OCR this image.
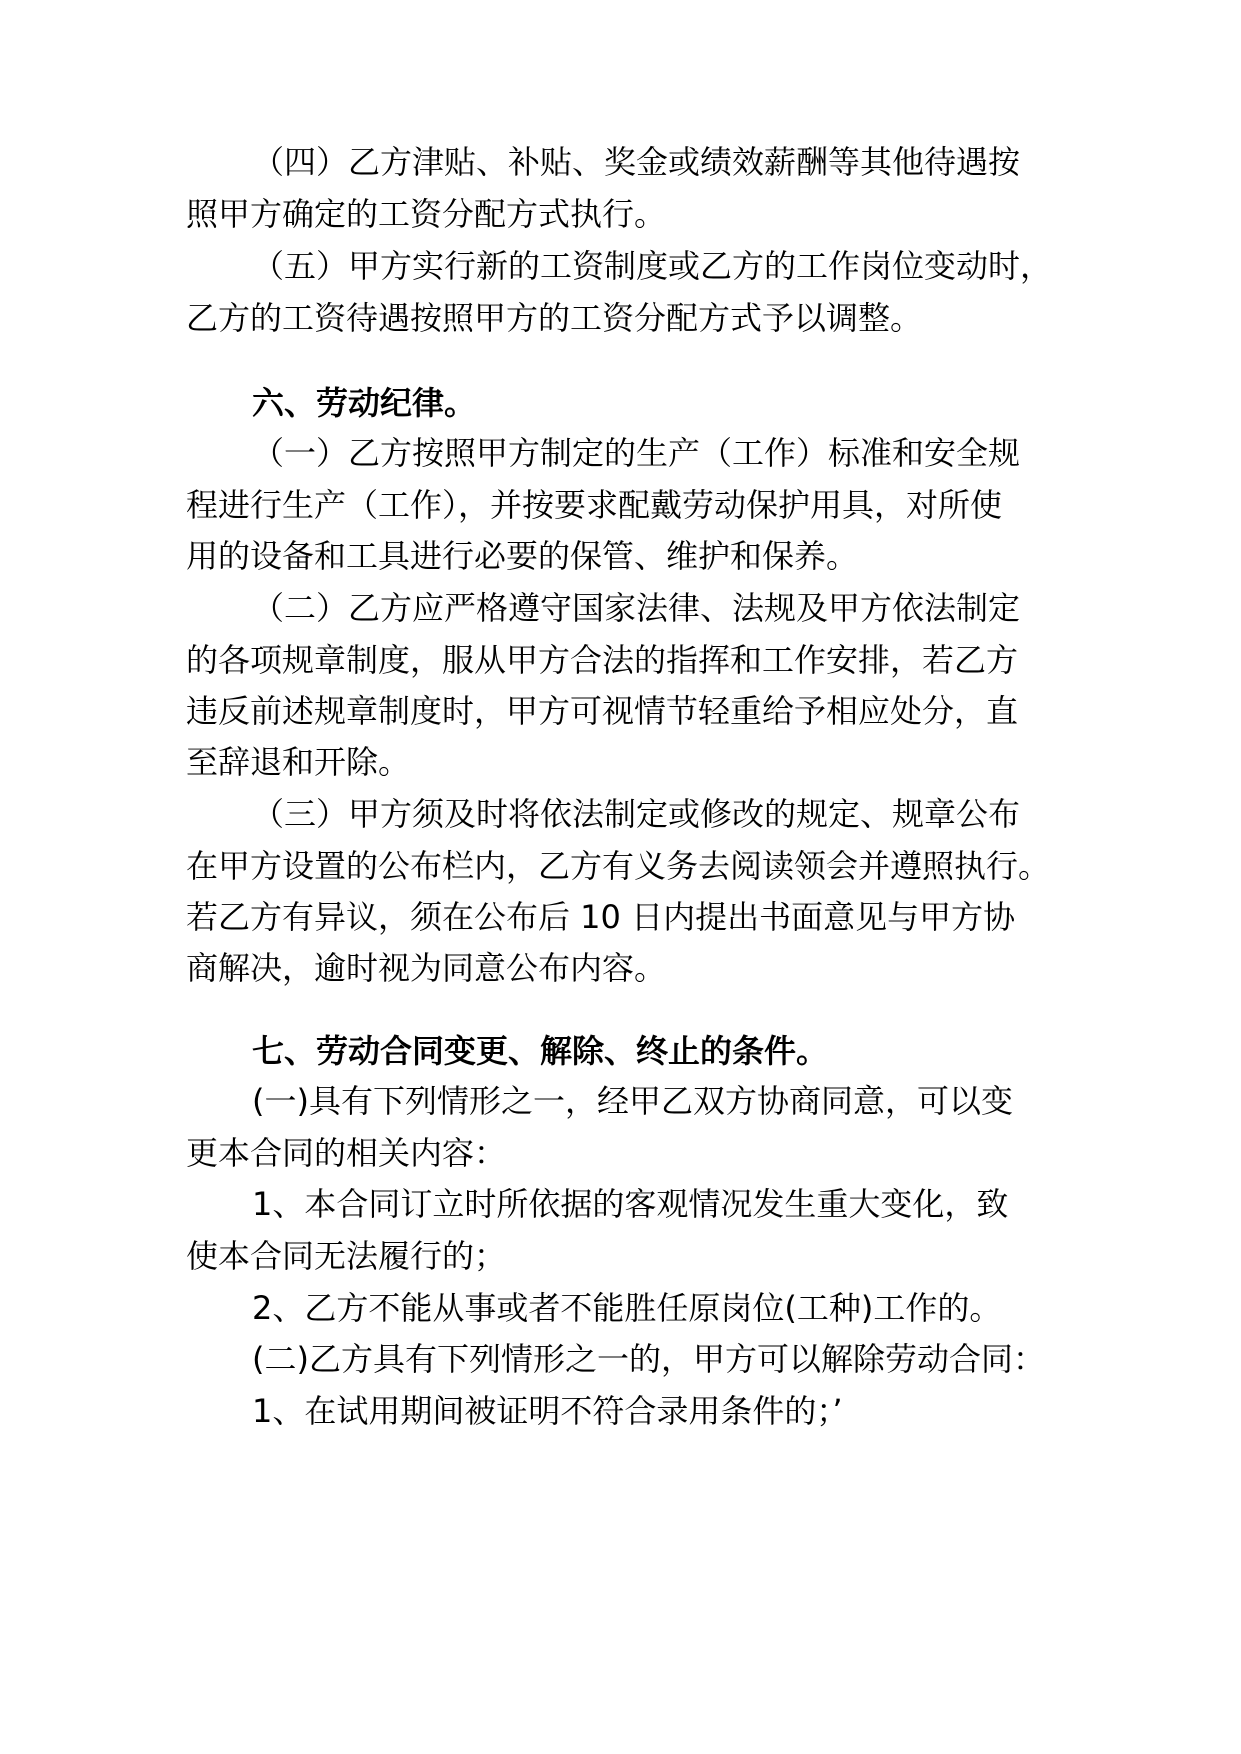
（四）乙方津贴、补贴、奖金或绩效薪酬等其他待遇按

照甲方确定的工资分配方式执行。

（五）甲方实行新的工资制度或乙方的工作岗位变动时，

乙方的工资待遇按照甲方的工资分配方式予以调整。

六、劳动纪律。

（一）乙方按照甲方制定的生产（工作）标准和安全规

程进行生产（工作），并按要求配戴劳动保护用具，对所使

用的设备和工具进行必要的保管、维护和保养。

（二）乙方应严格遵守国家法律、法规及甲方依法制定

的各项规章制度，服从甲方合法的指挥和工作安排，若乙方

违反前述规章制度时，甲方可视情节轻重给予相应处分，直

至辞退和开除。

（三）甲方须及时将依法制定或修改的规定、规章公布

在甲方设置的公布栏内，乙方有义务去阅读领会并遵照执行。

若乙方有异议，须在公布后 10 日内提出书面意见与甲方协

商解决，逾时视为同意公布内容。

七、劳动合同变更、解除、终止的条件。

(一)具有下列情形之一，经甲乙双方协商同意，可以变

更本合同的相关内容：

1、本合同订立时所依据的客观情况发生重大变化，致

使本合同无法履行的；

2、乙方不能从事或者不能胜任原岗位(工种)工作的。

(二)乙方具有下列情形之一的，甲方可以解除劳动合同：

1、在试用期间被证明不符合录用条件的；’
